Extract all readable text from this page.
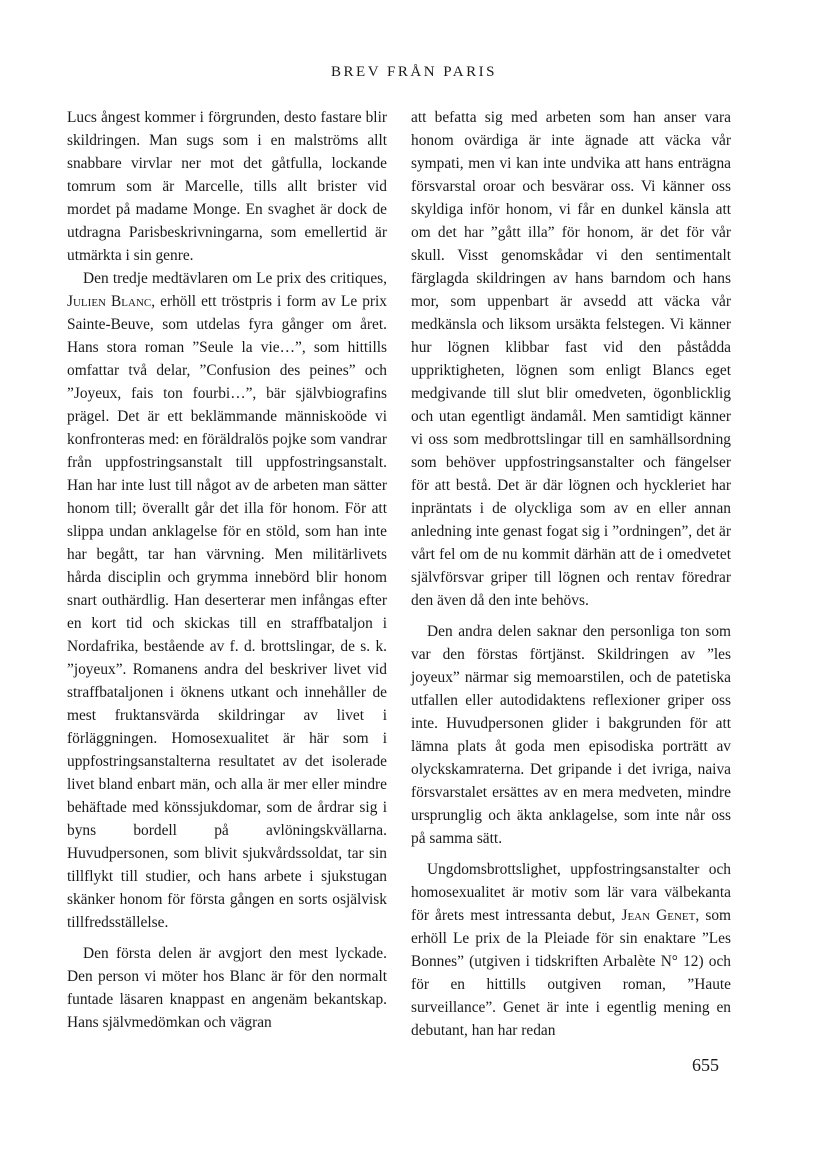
BREV FRÅN PARIS

Lucs ångest kommer i förgrunden, desto fastare blir skildringen. Man sugs som i en malströms allt snabbare virvlar ner mot det gåtfulla, lockande tomrum som är Marcelle, tills allt brister vid mordet på madame Monge. En svaghet är dock de utdragna Parisbeskrivningarna, som emellertid är utmärkta i sin genre.

Den tredje medtävlaren om Le prix des critiques, Julien Blanc, erhöll ett tröstpris i form av Le prix Sainte-Beuve, som utdelas fyra gånger om året. Hans stora roman ”Seule la vie…”, som hittills omfattar två delar, ”Confusion des peines” och ”Joyeux, fais ton fourbi…”, bär självbiografins prägel. Det är ett beklämmande människoöde vi konfronteras med: en föräldralös pojke som vandrar från uppfostringsanstalt till uppfostringsanstalt. Han har inte lust till något av de arbeten man sätter honom till; överallt går det illa för honom. För att slippa undan anklagelse för en stöld, som han inte har begått, tar han värvning. Men militärlivets hårda disciplin och grymma innebörd blir honom snart outhärdlig. Han deserterar men infångas efter en kort tid och skickas till en straffbataljon i Nordafrika, bestående av f. d. brottslingar, de s. k. ”joyeux”. Romanens andra del beskriver livet vid straffbataljonen i öknens utkant och innehåller de mest fruktansvärda skildringar av livet i förläggningen. Homosexualitet är här som i uppfostringsanstalterna resultatet av det isolerade livet bland enbart män, och alla är mer eller mindre behäftade med könssjukdomar, som de årdrar sig i byns bordell på avlöningskvällarna. Huvudpersonen, som blivit sjukvårdssoldat, tar sin tillflykt till studier, och hans arbete i sjukstugan skänker honom för första gången en sorts osjälvisk tillfredsställelse.

Den första delen är avgjort den mest lyckade. Den person vi möter hos Blanc är för den normalt funtade läsaren knappast en angenäm bekantskap. Hans självmedömkan och vägran

att befatta sig med arbeten som han anser vara honom ovärdiga är inte ägnade att väcka vår sympati, men vi kan inte undvika att hans enträgna försvarstal oroar och besvärar oss. Vi känner oss skyldiga inför honom, vi får en dunkel känsla att om det har ”gått illa” för honom, är det för vår skull. Visst genomskådar vi den sentimentalt färglagda skildringen av hans barndom och hans mor, som uppenbart är avsedd att väcka vår medkänsla och liksom ursäkta felstegen. Vi känner hur lögnen klibbar fast vid den påstådda uppriktigheten, lögnen som enligt Blancs eget medgivande till slut blir omedveten, ögonblicklig och utan egentligt ändamål. Men samtidigt känner vi oss som medbrottslingar till en samhällsordning som behöver uppfostringsanstalter och fängelser för att bestå. Det är där lögnen och hyckleriet har inpräntats i de olyckliga som av en eller annan anledning inte genast fogat sig i ”ordningen”, det är vårt fel om de nu kommit därhän att de i omedvetet självförsvar griper till lögnen och rentav föredrar den även då den inte behövs.

Den andra delen saknar den personliga ton som var den förstas förtjänst. Skildringen av ”les joyeux” närmar sig memoarstilen, och de patetiska utfallen eller autodidaktens reflexioner griper oss inte. Huvudpersonen glider i bakgrunden för att lämna plats åt goda men episodiska porträtt av olyckskamraterna. Det gripande i det ivriga, naiva försvarstalet ersättes av en mera medveten, mindre ursprunglig och äkta anklagelse, som inte når oss på samma sätt.

Ungdomsbrottslighet, uppfostringsanstalter och homosexualitet är motiv som lär vara välbekanta för årets mest intressanta debut, Jean Genet, som erhöll Le prix de la Pleiade för sin enaktare ”Les Bonnes” (utgiven i tidskriften Arbalète N° 12) och för en hittills outgiven roman, ”Haute surveillance”. Genet är inte i egentlig mening en debutant, han har redan

655
